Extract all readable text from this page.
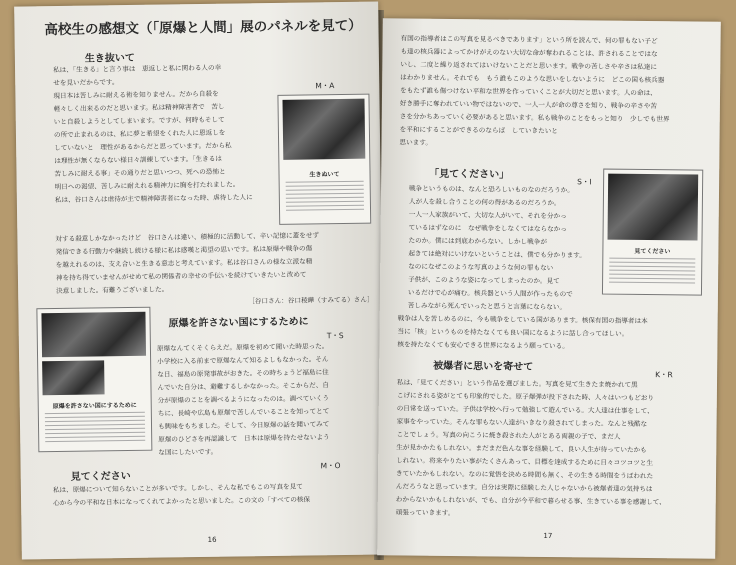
高校生の感想文（「原爆と人間」展のパネルを見て）
生き抜いて
M・A
私は、「生きる」と言う事は　恵返しと私に関わる人の幸
せを見いだからです。
現日本は苦しみに耐える術を知りません。だから自殺を
軽々しく出来るのだと思います。私は精神障害者で　苦し
いと自殺しようとしてしまいます。ですが、何時もそして
の所で止まれるのは、私に夢と希望をくれた人に恩返しを
していないと　理性があるからだと思っています。だから私
は理性が無くならない様日々訓練しています。「生きるは
苦しみに耐える事」その通りだと思いつつ、死への恐怖と
明日への渇望、苦しみに耐えれる精神力に胸を打たれました。
私は、谷口さんは虐待が主で精神障害者になった時、虐待した人に
対する殺意しかなかったけど　谷口さんは違い、積極的に活動して、辛い記憶に蓋をせず
発信できる行動力や継続し続ける様に私は感嘆と渇望の思いです。私は原爆や戦争の傷
を越えれるのは、支え合いと生きる意志と考えています。私は谷口さんの様な立派な精
神を持ち得ていませんがせめて私の関係者の幸せの手伝いを続けていきたいと改めて
決意しました。有難うございました。
［谷口さん：谷口稜曄（すみてる）さん］
生きぬいて
原爆を許さない国にするために
T・S
原爆なんてくそくらえだ。原爆を初めて聞いた時思った。
小学校に入る前まで原爆なんて知るよしもなかった。そん
な日、福島の原発事故がおきた。その時ちょうど福島に住
んでいた自分は、避難するしかなかった。そこからだ、自
分が原爆のことを調べるようになったのは。調べていくう
ちに、長崎や広島も原爆で苦しんでいることを知ってとて
も興味をもちました。そして、今日原爆の話を聞いてみて
原爆のひどさを再認識して　日本は原爆を持たせないよう
な国にしたいです。
原爆を許さない国にするために
見てください
M・O
私は、原爆について知らないことが多いです。しかし、そんな私でもこの写真を見て
心から今の平和な日本になってくれてよかったと思いました。この文の「すべての核保
16
有国の指導者はこの写真を見るべきであります」という所を読んで、何の罪もない子ど
も達の核兵器によってかけがえのない大切な命が奪われることは、許されることではな
いし、二度と繰り返されてはいけないことだと思います。戦争の苦しさや辛さは私達に
はわかりません。それでも　もう誰もこのような思いをしないように　どこの国も核兵器
をもたず誰も傷つけない平和な世界を作っていくことが大切だと思います。人の命は、
好き勝手に奪われていい物ではないので、一人一人が命の尊さを知り、戦争の辛さや苦
さを分かちあっていく必要があると思います。私も戦争のことをもっと知り　少しでも世界
を平和にすることができるのならば　していきたいと
思います。
「見てください」
S・I
戦争というものは、なんと恐ろしいものなのだろうか。
人が人を殺し合うことの何の得があるのだろうか。
一人一人家族がいて、大切な人がいて、それを分かっ
ているはずなのに　なぜ戦争をしなくてはならなかっ
たのか。僕には到底わからない。しかし戦争が
起きては絶対にいけないということは、僕でも分かります。
なのになぜこのような写真のような何の罪もない
子供が、このような姿になってしまったのか。見て
いるだけで心が痛む。核兵器という人間が作ったもので
苦しみながら死んでいったと思うと言葉にならない。
戦争は人を苦しめるのに、今も戦争をしている国があります。核保有国の指導者は本
当に「核」というものを持たなくても良い国になるように話し合ってほしい。
核を持たなくても安心できる世界になるよう願っている。
見てください
被爆者に思いを寄せて
K・R
私は、「見てください」という作品を選びました。写真を見て生きたま焼かれて黒
こげにされる姿がとても印象的でした。原子爆弾が投下された時、人々はいつもどおり
の日常を送っていた。子供は学校へ行って勉強して遊んでいる。大人達は仕事をして、
家事をやっていた。そんな罪もない人達がいきなり殺されてしまった。なんと残酷な
ことでしょう。写真の向こうに焼き殺された人がとある両親の子で、まだ人
生が見かかたもしれない。まだまだ色んな事を経験して、良い人生が待っていたかも
しれない。将来やりたい事がたくさんあって、目標を達成するために日々コツコツと生
きていたかもしれない。なのに覚悟を決める時間も無く、その生きる時間をうばわれた
んだろうなと思っています。自分は実際に経験した人じゃないから被爆者達の気持ちは
わからないかもしれないが、でも、自分が今平和で暮らせる事、生きている事を感謝して、
頑張っていきます。
17
